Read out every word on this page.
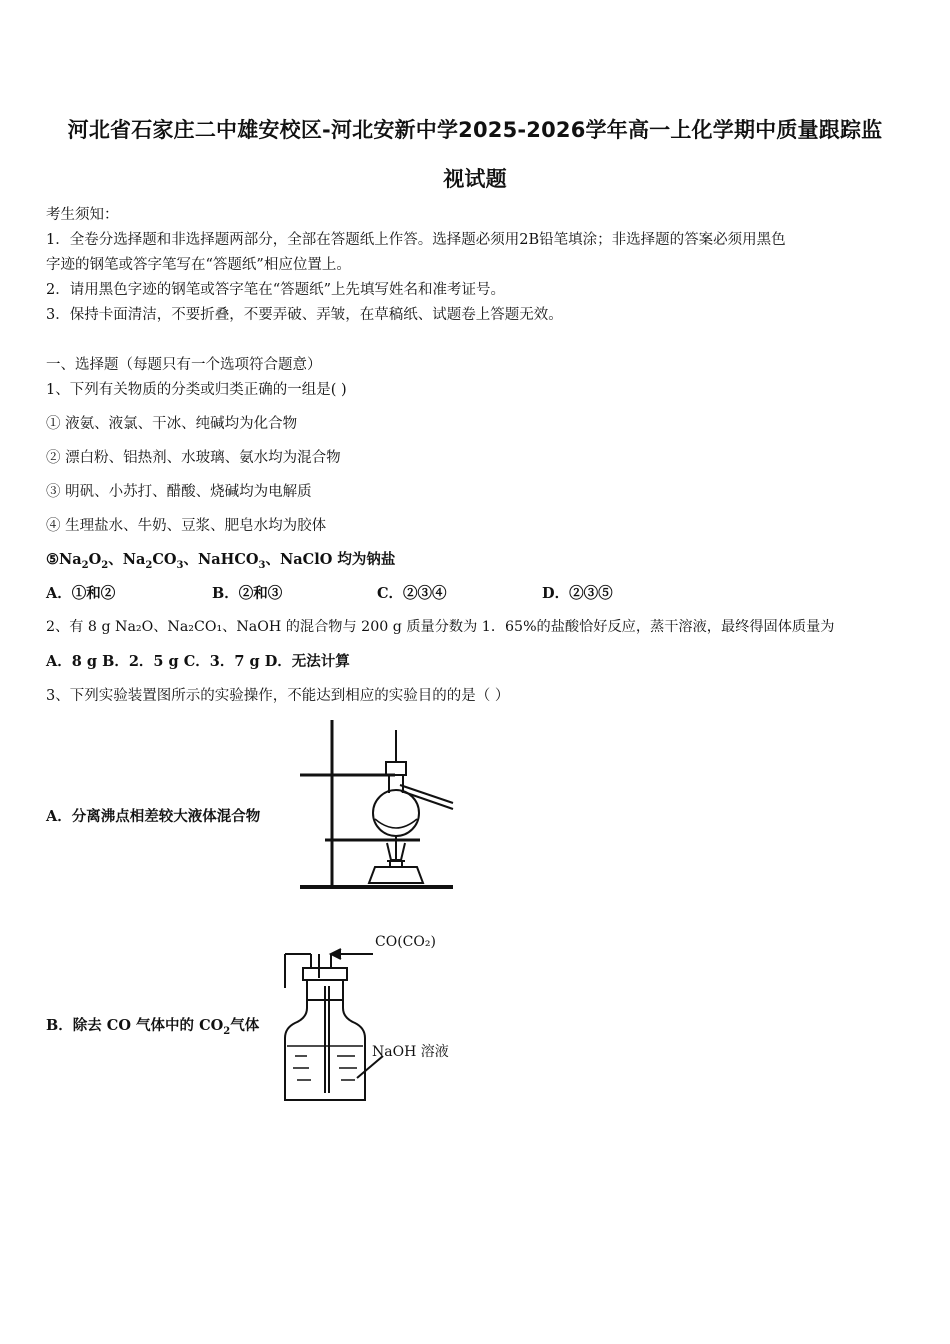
河北省石家庄二中雄安校区-河北安新中学2025-2026学年高一上化学期中质量跟踪监
视试题
考生须知：
1．全卷分选择题和非选择题两部分，全部在答题纸上作答。选择题必须用2B铅笔填涂；非选择题的答案必须用黑色
字迹的钢笔或答字笔写在“答题纸”相应位置上。
2．请用黑色字迹的钢笔或答字笔在“答题纸”上先填写姓名和准考证号。
3．保持卡面清洁，不要折叠，不要弄破、弄皱，在草稿纸、试题卷上答题无效。
一、选择题（每题只有一个选项符合题意）
1、下列有关物质的分类或归类正确的一组是( )
① 液氨、液氯、干冰、纯碱均为化合物
② 漂白粉、铝热剂、水玻璃、氨水均为混合物
③ 明矾、小苏打、醋酸、烧碱均为电解质
④ 生理盐水、牛奶、豆浆、肥皂水均为胶体
$⑤Na_2O_2$、$Na_2CO_3$、NaHCO$_3$、NaClO 均为钠盐
A．①和②	B．②和③	C．②③④	D．②③⑤
2、有 8 g Na₂O、Na₂CO₁、NaOH 的混合物与 200 g 质量分数为 1．65%的盐酸恰好反应，蒸干溶液，最终得固体质量为
A．8 g B．2．5 g C．3．7 g D．无法计算
3、下列实验装置图所示的实验操作，不能达到相应的实验目的的是（ ）
A．分离沸点相差较大液体混合物
B．除去 CO 气体中的 $CO_2$气体
CO(CO₂)
NaOH 溶液
